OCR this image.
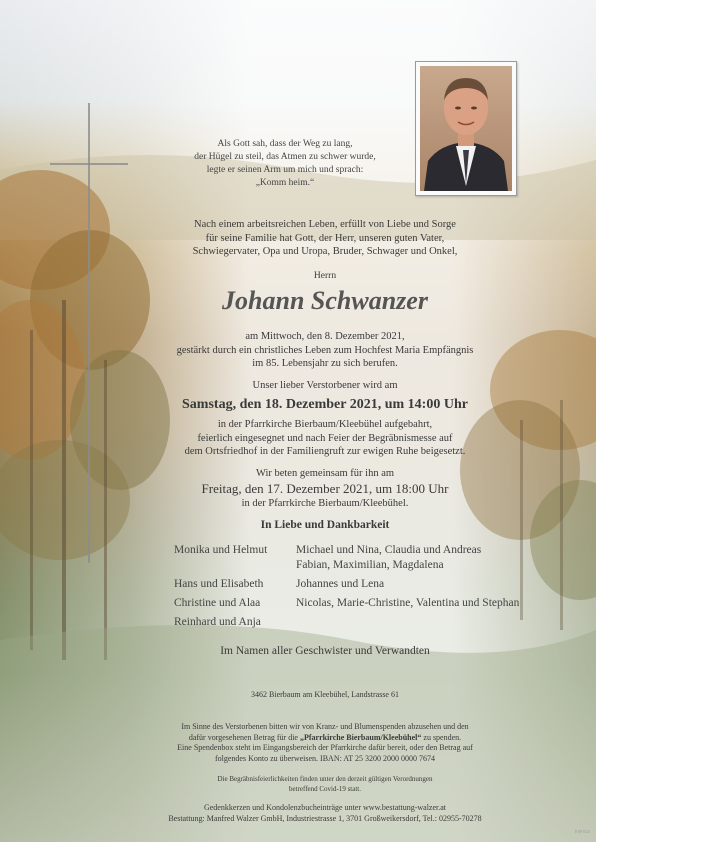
Als Gott sah, dass der Weg zu lang,
der Hügel zu steil, das Atmen zu schwer wurde,
legte er seinen Arm um mich und sprach:
„Komm heim.“
Nach einem arbeitsreichen Leben, erfüllt von Liebe und Sorge
für seine Familie hat Gott, der Herr, unseren guten Vater,
Schwiegervater, Opa und Uropa, Bruder, Schwager und Onkel,
Herrn
Johann Schwanzer
am Mittwoch, den 8. Dezember 2021,
gestärkt durch ein christliches Leben zum Hochfest Maria Empfängnis
im 85. Lebensjahr zu sich berufen.
Unser lieber Verstorbener wird am
Samstag, den 18. Dezember 2021, um 14:00 Uhr
in der Pfarrkirche Bierbaum/Kleebühel aufgebahrt,
feierlich eingesegnet und nach Feier der Begräbnismesse auf
dem Ortsfriedhof in der Familiengruft zur ewigen Ruhe beigesetzt.
Wir beten gemeinsam für ihn am
Freitag, den 17. Dezember 2021, um 18:00 Uhr
in der Pfarrkirche Bierbaum/Kleebühel.
In Liebe und Dankbarkeit
Monika und Helmut Michael und Nina, Claudia und Andreas
Fabian, Maximilian, Magdalena
Hans und Elisabeth	Johannes und Lena
Christine und Alaa	Nicolas, Marie-Christine, Valentina und Stephan
Reinhard und Anja
Im Namen aller Geschwister und Verwandten
3462 Bierbaum am Kleebühel, Landstrasse 61
Im Sinne des Verstorbenen bitten wir von Kranz- und Blumenspenden abzusehen und den
dafür vorgesehenen Betrag für die „Pfarrkirche Bierbaum/Kleebühel“ zu spenden.
Eine Spendenbox steht im Eingangsbereich der Pfarrkirche dafür bereit, oder den Betrag auf
folgendes Konto zu überweisen. IBAN: AT 25 3200 2000 0000 7674
Die Begräbnisfeierlichkeiten finden unter den derzeit gültigen Verordnungen
betreffend Covid-19 statt.
Gedenkkerzen und Kondolenzbucheinträge unter www.bestattung-walzer.at
Bestattung: Manfred Walzer GmbH, Industriestrasse 1, 3701 Großweikersdorf, Tel.: 02955-70278
ESP 8/23
